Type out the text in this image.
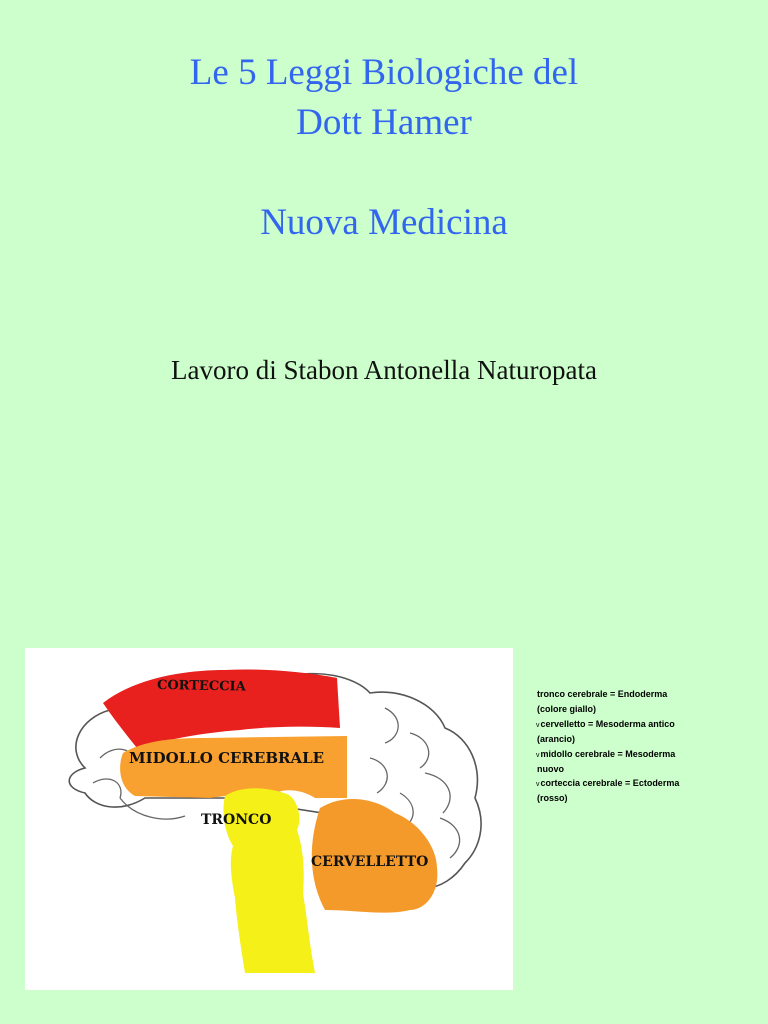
Le 5 Leggi Biologiche del
Dott Hamer
Nuova Medicina
Lavoro di Stabon Antonella Naturopata
CORTECCIA
MIDOLLO CEREBRALE
TRONCO
CERVELLETTO
tronco cerebrale = Endoderma
(colore giallo)
vcervelletto = Mesoderma antico
(arancio)
vmidollo cerebrale = Mesoderma
nuovo
vcorteccia cerebrale = Ectoderma
(rosso)
